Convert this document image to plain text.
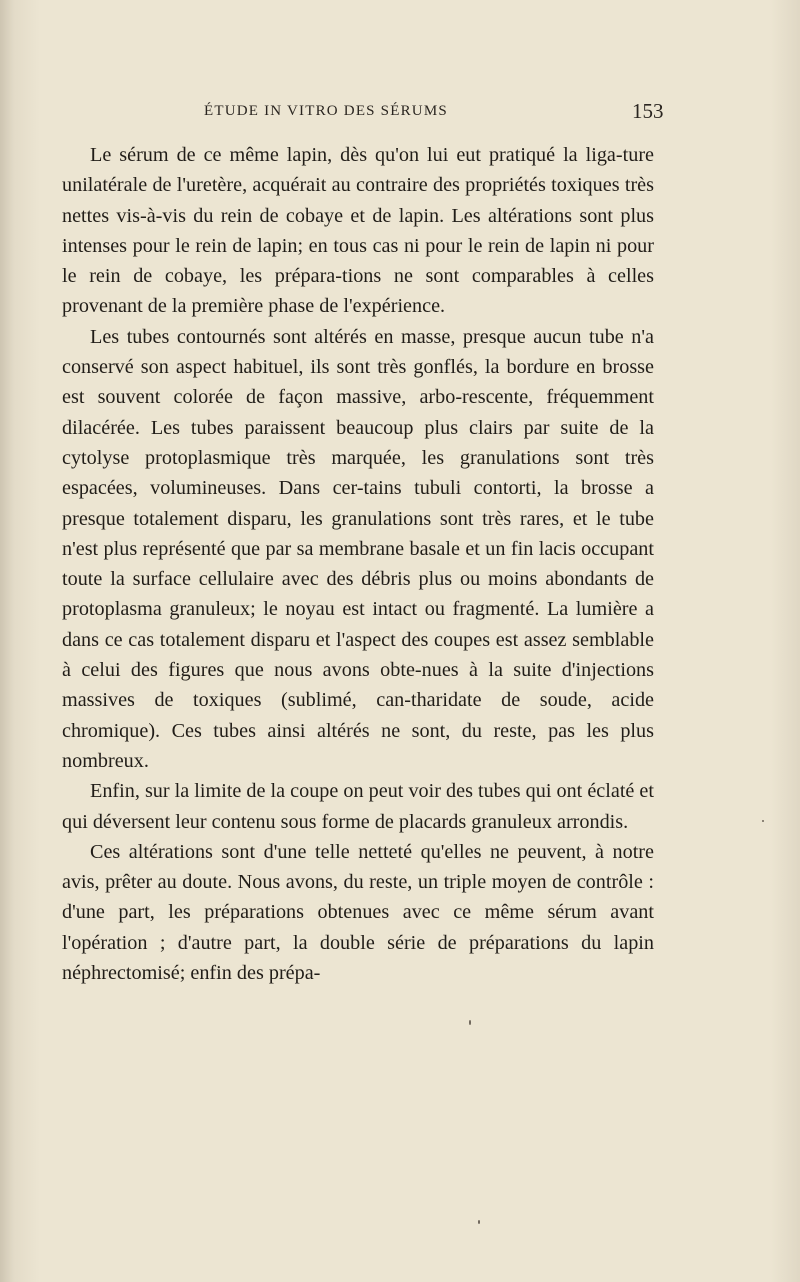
ÉTUDE IN VITRO DES SÉRUMS	153

Le sérum de ce même lapin, dès qu'on lui eut pratiqué la liga-ture unilatérale de l'uretère, acquérait au contraire des propriétés toxiques très nettes vis-à-vis du rein de cobaye et de lapin. Les altérations sont plus intenses pour le rein de lapin; en tous cas ni pour le rein de lapin ni pour le rein de cobaye, les prépara-tions ne sont comparables à celles provenant de la première phase de l'expérience.

Les tubes contournés sont altérés en masse, presque aucun tube n'a conservé son aspect habituel, ils sont très gonflés, la bordure en brosse est souvent colorée de façon massive, arbo-rescente, fréquemment dilacérée. Les tubes paraissent beaucoup plus clairs par suite de la cytolyse protoplasmique très marquée, les granulations sont très espacées, volumineuses. Dans cer-tains tubuli contorti, la brosse a presque totalement disparu, les granulations sont très rares, et le tube n'est plus représenté que par sa membrane basale et un fin lacis occupant toute la surface cellulaire avec des débris plus ou moins abondants de protoplasma granuleux; le noyau est intact ou fragmenté. La lumière a dans ce cas totalement disparu et l'aspect des coupes est assez semblable à celui des figures que nous avons obte-nues à la suite d'injections massives de toxiques (sublimé, can-tharidate de soude, acide chromique). Ces tubes ainsi altérés ne sont, du reste, pas les plus nombreux.

Enfin, sur la limite de la coupe on peut voir des tubes qui ont éclaté et qui déversent leur contenu sous forme de placards granuleux arrondis.

Ces altérations sont d'une telle netteté qu'elles ne peuvent, à notre avis, prêter au doute. Nous avons, du reste, un triple moyen de contrôle : d'une part, les préparations obtenues avec ce même sérum avant l'opération ; d'autre part, la double série de préparations du lapin néphrectomisé; enfin des prépa-
